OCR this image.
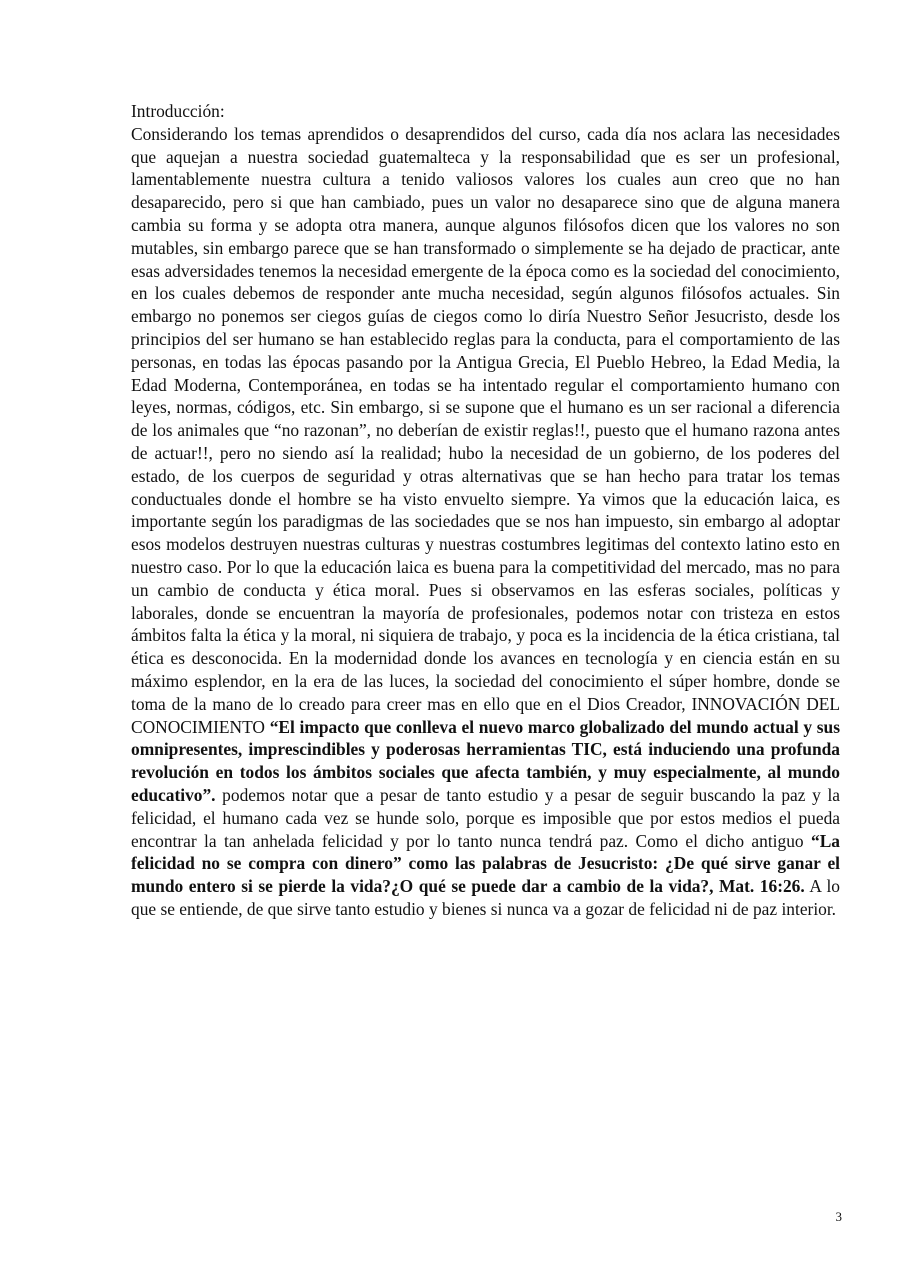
Introducción:

Considerando los temas aprendidos o desaprendidos del curso, cada día nos aclara las necesidades que aquejan a nuestra sociedad guatemalteca y la responsabilidad que es ser un profesional, lamentablemente nuestra cultura a tenido valiosos valores los cuales aun creo que no han desaparecido, pero si que han cambiado, pues un valor no desaparece sino que de alguna manera cambia su forma y se adopta otra manera, aunque algunos filósofos dicen que los valores no son mutables, sin embargo parece que se han transformado o simplemente se ha dejado de practicar, ante esas adversidades tenemos la necesidad emergente de la época como es la sociedad del conocimiento, en los cuales debemos de responder ante mucha necesidad, según algunos filósofos actuales. Sin embargo no ponemos ser ciegos guías de ciegos como lo diría Nuestro Señor Jesucristo, desde los principios del ser humano se han establecido reglas para la conducta, para el comportamiento de las personas, en todas las épocas pasando por la Antigua Grecia, El Pueblo Hebreo, la Edad Media, la Edad Moderna, Contemporánea, en todas se ha intentado regular el comportamiento humano con leyes, normas, códigos, etc. Sin embargo, si se supone que el humano es un ser racional a diferencia de los animales que “no razonan”, no deberían de existir reglas!!, puesto que el humano razona antes de actuar!!, pero no siendo así la realidad; hubo la necesidad de un gobierno, de los poderes del estado, de los cuerpos de seguridad y otras alternativas que se han hecho para tratar los temas conductuales donde el hombre se ha visto envuelto siempre. Ya vimos que la educación laica, es importante según los paradigmas de las sociedades que se nos han impuesto, sin embargo al adoptar esos modelos destruyen nuestras culturas y nuestras costumbres legitimas del contexto latino esto en nuestro caso. Por lo que la educación laica es buena para la competitividad del mercado, mas no para un cambio de conducta y ética moral. Pues si observamos en las esferas sociales, políticas y laborales, donde se encuentran la mayoría de profesionales, podemos notar con tristeza en estos ámbitos falta la ética y la moral, ni siquiera de trabajo, y poca es la incidencia de la ética cristiana, tal ética es desconocida. En la modernidad donde los avances en tecnología y en ciencia están en su máximo esplendor, en la era de las luces, la sociedad del conocimiento el súper hombre, donde se toma de la mano de lo creado para creer mas en ello que en el Dios Creador, INNOVACIÓN DEL CONOCIMIENTO “El impacto que conlleva el nuevo marco globalizado del mundo actual y sus omnipresentes, imprescindibles y poderosas herramientas TIC, está induciendo una profunda revolución en todos los ámbitos sociales que afecta también, y muy especialmente, al mundo educativo”. podemos notar que a pesar de tanto estudio y a pesar de seguir buscando la paz y la felicidad, el humano cada vez se hunde solo, porque es imposible que por estos medios el pueda encontrar la tan anhelada felicidad y por lo tanto nunca tendrá paz. Como el dicho antiguo “La felicidad no se compra con dinero” como las palabras de Jesucristo: ¿De qué sirve ganar el mundo entero si se pierde la vida?¿O qué se puede dar a cambio de la vida?, Mat. 16:26. A lo que se entiende, de que sirve tanto estudio y bienes si nunca va a gozar de felicidad ni de paz interior.

3
